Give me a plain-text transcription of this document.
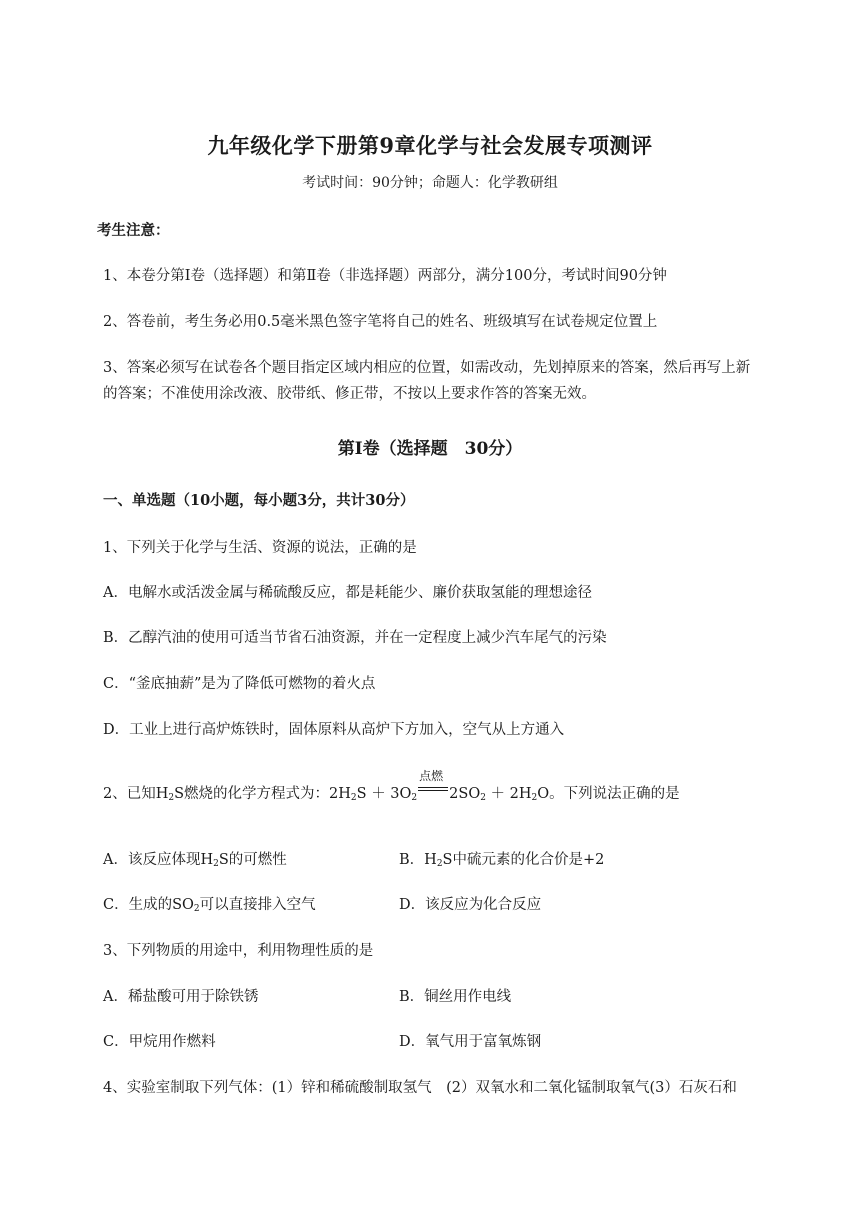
九年级化学下册第9章化学与社会发展专项测评
考试时间：90分钟；命题人：化学教研组
考生注意：
1、本卷分第Ⅰ卷（选择题）和第Ⅱ卷（非选择题）两部分，满分100分，考试时间90分钟
2、答卷前，考生务必用0.5毫米黑色签字笔将自己的姓名、班级填写在试卷规定位置上
3、答案必须写在试卷各个题目指定区域内相应的位置，如需改动，先划掉原来的答案，然后再写上新
的答案；不准使用涂改液、胶带纸、修正带，不按以上要求作答的答案无效。
第Ⅰ卷（选择题　30分）
一、单选题（10小题，每小题3分，共计30分）
1、下列关于化学与生活、资源的说法，正确的是
A．电解水或活泼金属与稀硫酸反应，都是耗能少、廉价获取氢能的理想途径
B．乙醇汽油的使用可适当节省石油资源，并在一定程度上减少汽车尾气的污染
C．“釜底抽薪”是为了降低可燃物的着火点
D．工业上进行高炉炼铁时，固体原料从高炉下方加入，空气从上方通入
2、已知$H_2S$燃烧的化学方程式为：$2H_2S + 3O_2$
点燃
$2SO_2 + 2H_2O$。下列说法正确的是
A．该反应体现$H_2S$的可燃性	B．$H_2S$中硫元素的化合价是+2
C．生成的$SO_2$可以直接排入空气	D．该反应为化合反应
3、下列物质的用途中，利用物理性质的是
A．稀盐酸可用于除铁锈	B．铜丝用作电线
C．甲烷用作燃料	D．氧气用于富氧炼钢
4、实验室制取下列气体：(1）锌和稀硫酸制取氢气　(2）双氧水和二氧化锰制取氧气(3）石灰石和
